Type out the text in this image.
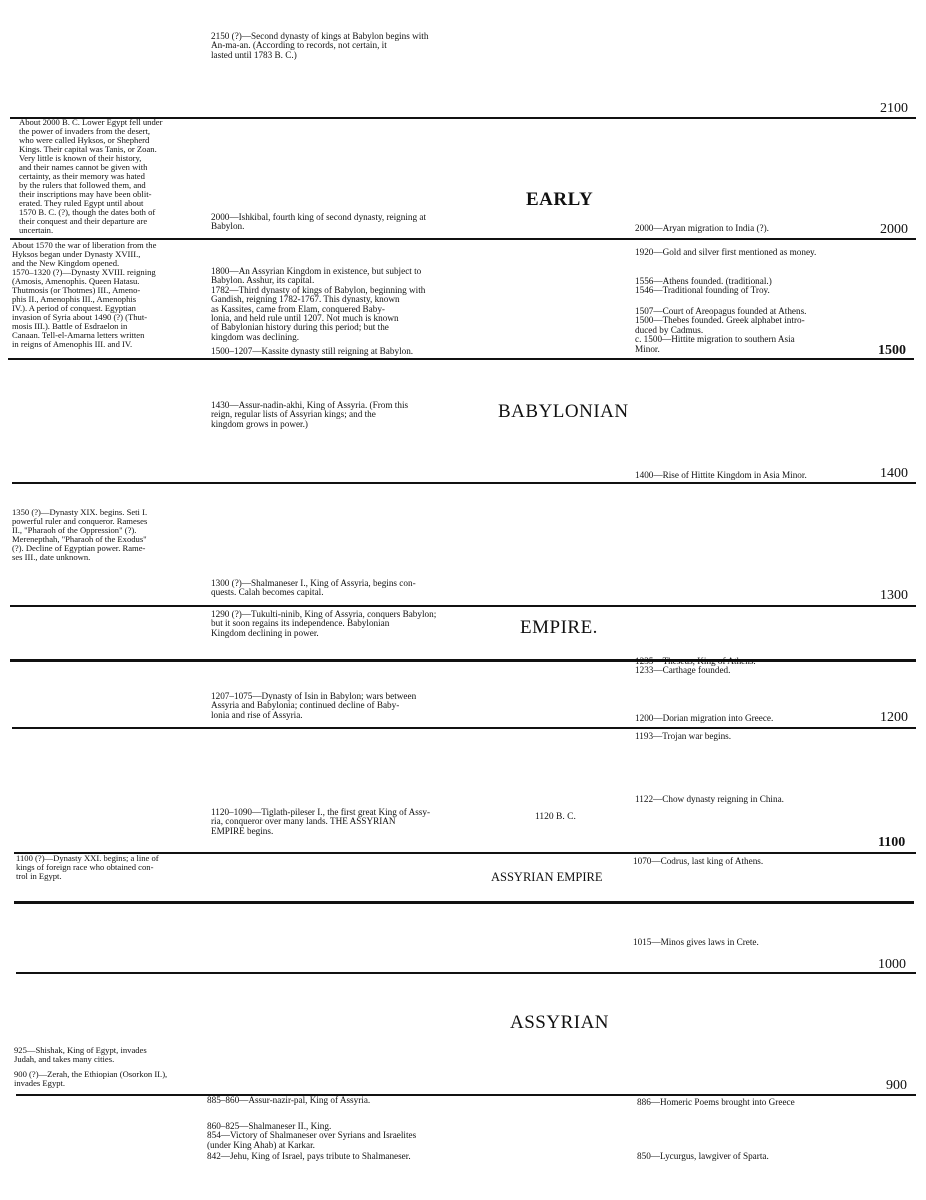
2100
2000
1500
1400
1300
1200
1100
1000
900
About 2000 B. C. Lower Egypt fell under
the power of invaders from the desert,
who were called Hyksos, or Shepherd
Kings. Their capital was Tanis, or Zoan.
Very little is known of their history,
and their names cannot be given with
certainty, as their memory was hated
by the rulers that followed them, and
their inscriptions may have been oblit-
erated. They ruled Egypt until about
1570 B. C. (?), though the dates both of
their conquest and their departure are
uncertain.
About 1570 the war of liberation from the
Hyksos began under Dynasty XVIII.,
and the New Kingdom opened.
1570–1320 (?)—Dynasty XVIII. reigning
(Amosis, Amenophis. Queen Hatasu.
Thutmosis (or Thotmes) III., Ameno-
phis II., Amenophis III., Amenophis
IV.). A period of conquest. Egyptian
invasion of Syria about 1490 (?) (Thut-
mosis III.). Battle of Esdraelon in
Canaan. Tell-el-Amarna letters written
in reigns of Amenophis III. and IV.
1350 (?)—Dynasty XIX. begins. Seti I.
powerful ruler and conqueror. Rameses
II., "Pharaoh of the Oppression" (?).
Merenepthah, "Pharaoh of the Exodus"
(?). Decline of Egyptian power. Rame-
ses III., date unknown.
1100 (?)—Dynasty XXI. begins; a line of
kings of foreign race who obtained con-
trol in Egypt.
925—Shishak, King of Egypt, invades
Judah, and takes many cities.
900 (?)—Zerah, the Ethiopian (Osorkon II.),
invades Egypt.
2150 (?)—Second dynasty of kings at Babylon begins with
An-ma-an. (According to records, not certain, it
lasted until 1783 B. C.)
2000—Ishkibal, fourth king of second dynasty, reigning at
Babylon.
1800—An Assyrian Kingdom in existence, but subject to
Babylon. Asshur, its capital.
1782—Third dynasty of kings of Babylon, beginning with
Gandish, reigning 1782-1767. This dynasty, known
as Kassites, came from Elam, conquered Baby-
lonia, and held rule until 1207. Not much is known
of Babylonian history during this period; but the
kingdom was declining.
1500–1207—Kassite dynasty still reigning at Babylon.
1430—Assur-nadin-akhi, King of Assyria. (From this
reign, regular lists of Assyrian kings; and the
kingdom grows in power.)
1300 (?)—Shalmaneser I., King of Assyria, begins con-
quests. Calah becomes capital.
1290 (?)—Tukulti-ninib, King of Assyria, conquers Babylon;
but it soon regains its independence. Babylonian
Kingdom declining in power.
1207–1075—Dynasty of Isin in Babylon; wars between
Assyria and Babylonia; continued decline of Baby-
lonia and rise of Assyria.
1120–1090—Tiglath-pileser I., the first great King of Assy-
ria, conqueror over many lands. THE ASSYRIAN
EMPIRE begins.
885–860—Assur-nazir-pal, King of Assyria.
860–825—Shalmaneser II., King.
854—Victory of Shalmaneser over Syrians and Israelites
(under King Ahab) at Karkar.
842—Jehu, King of Israel, pays tribute to Shalmaneser.
EARLY
BABYLONIAN
EMPIRE.
1120 B. C.
ASSYRIAN EMPIRE
ASSYRIAN
2000—Aryan migration to India (?).
1920—Gold and silver first mentioned as money.
1556—Athens founded. (traditional.)
1546—Traditional founding of Troy.
1507—Court of Areopagus founded at Athens.
1500—Thebes founded. Greek alphabet intro-
duced by Cadmus.
c. 1500—Hittite migration to southern Asia
Minor.
1400—Rise of Hittite Kingdom in Asia Minor.
1235—Theseus, King of Athens.
1233—Carthage founded.
1200—Dorian migration into Greece.
1193—Trojan war begins.
1122—Chow dynasty reigning in China.
1070—Codrus, last king of Athens.
1015—Minos gives laws in Crete.
886—Homeric Poems brought into Greece
850—Lycurgus, lawgiver of Sparta.
